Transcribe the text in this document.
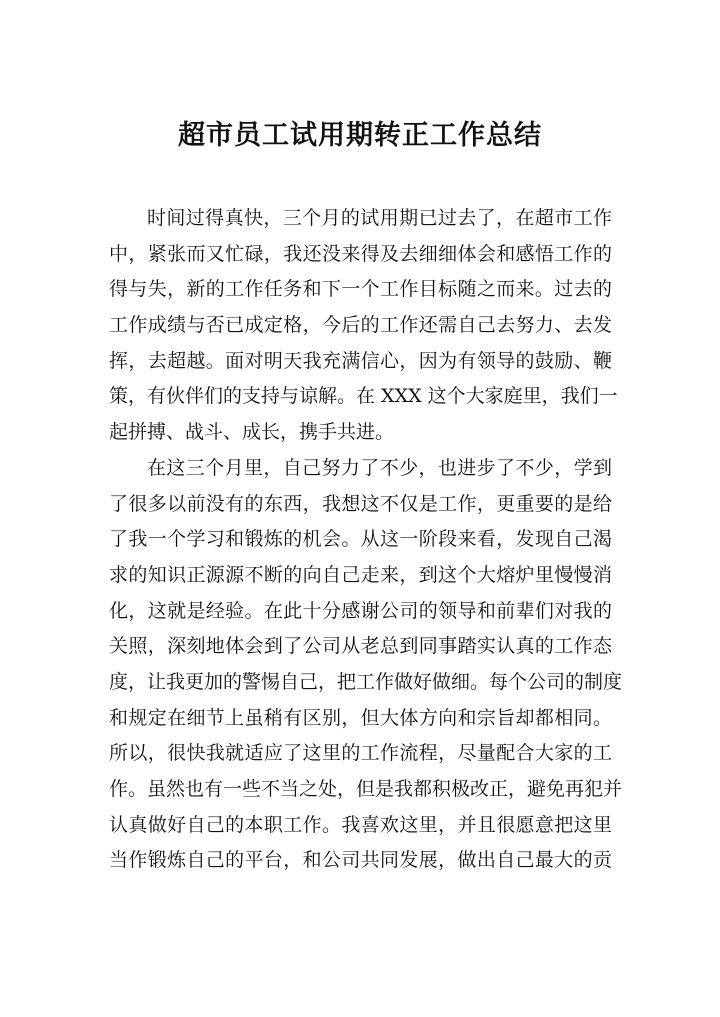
超市员工试用期转正工作总结
时间过得真快，三个月的试用期已过去了，在超市工作
中，紧张而又忙碌，我还没来得及去细细体会和感悟工作的
得与失，新的工作任务和下一个工作目标随之而来。过去的
工作成绩与否已成定格，今后的工作还需自己去努力、去发
挥，去超越。面对明天我充满信心，因为有领导的鼓励、鞭
策，有伙伴们的支持与谅解。在 XXX 这个大家庭里，我们一
起拼搏、战斗、成长，携手共进。
在这三个月里，自己努力了不少，也进步了不少，学到
了很多以前没有的东西，我想这不仅是工作，更重要的是给
了我一个学习和锻炼的机会。从这一阶段来看，发现自己渴
求的知识正源源不断的向自己走来，到这个大熔炉里慢慢消
化，这就是经验。在此十分感谢公司的领导和前辈们对我的
关照，深刻地体会到了公司从老总到同事踏实认真的工作态
度，让我更加的警惕自己，把工作做好做细。每个公司的制度
和规定在细节上虽稍有区别，但大体方向和宗旨却都相同。
所以，很快我就适应了这里的工作流程，尽量配合大家的工
作。虽然也有一些不当之处，但是我都积极改正，避免再犯并
认真做好自己的本职工作。我喜欢这里，并且很愿意把这里
当作锻炼自己的平台，和公司共同发展，做出自己最大的贡
